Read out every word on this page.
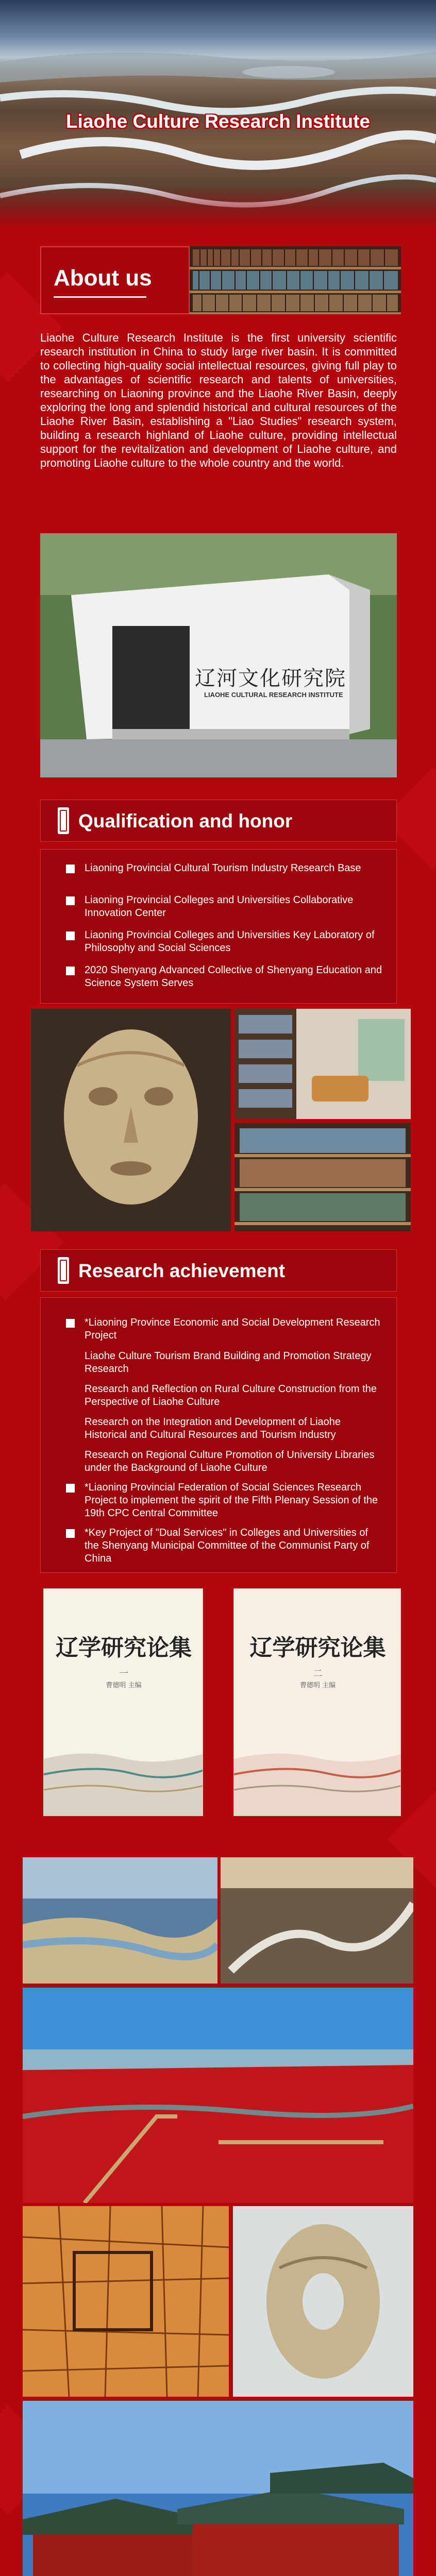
Liaohe Culture Research Institute
About us
Liaohe Culture Research Institute is the first university scientific research institution in China to study large river basin. It is committed to collecting high-quality social intellectual resources, giving full play to the advantages of scientific research and talents of universities, researching on Liaoning province and the Liaohe River Basin, deeply exploring the long and splendid historical and cultural resources of the Liaohe River Basin, establishing a "Liao Studies" research system, building a research highland of Liaohe culture, providing intellectual support for the revitalization and development of Liaohe culture, and promoting Liaohe culture to the whole country and the world.
辽河文化研究院
LIAOHE CULTURAL RESEARCH INSTITUTE
Qualification and honor
Liaoning Provincial Cultural Tourism Industry Research Base
Liaoning Provincial Colleges and Universities Collaborative Innovation Center
Liaoning Provincial Colleges and Universities Key Laboratory of Philosophy and Social Sciences
2020 Shenyang Advanced Collective of Shenyang Education and Science System Serves
Research achievement
*Liaoning Province Economic and Social Development Research Project
Liaohe Culture Tourism Brand Building and Promotion Strategy Research
Research and Reflection on Rural Culture Construction from the Perspective of Liaohe Culture
Research on the Integration and Development of Liaohe Historical and Cultural Resources and Tourism Industry
Research on Regional Culture Promotion of University Libraries under the Background of Liaohe Culture
*Liaoning Provincial Federation of Social Sciences Research Project to implement the spirit of the Fifth Plenary Session of the 19th CPC Central Committee
*Key Project of "Dual Services" in Colleges and Universities of the Shenyang Municipal Committee of the Communist Party of China
辽学研究论集
一
曹德明 主编
辽学研究论集
二
曹德明 主编
